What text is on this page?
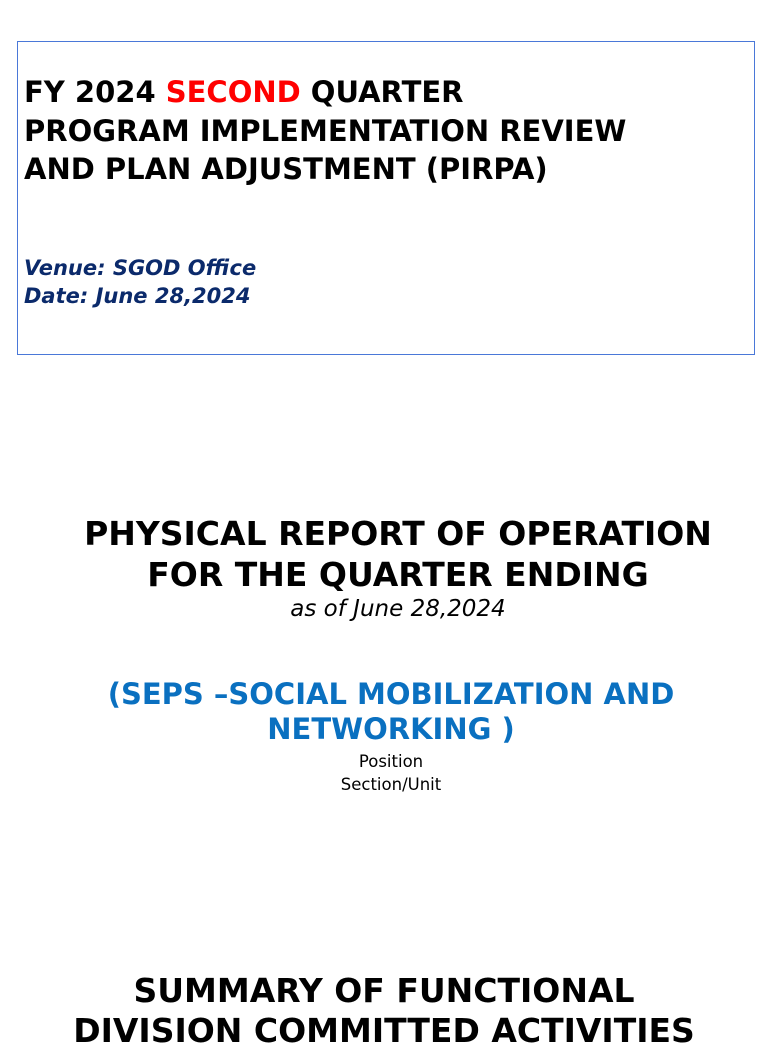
FY 2024 SECOND QUARTER
PROGRAM IMPLEMENTATION REVIEW
AND PLAN ADJUSTMENT (PIRPA)
Venue: SGOD Office
Date: June 28,2024
PHYSICAL REPORT OF OPERATION
FOR THE QUARTER ENDING
as of June 28,2024
(SEPS –SOCIAL MOBILIZATION AND
NETWORKING )
Position
Section/Unit
SUMMARY OF FUNCTIONAL
DIVISION COMMITTED ACTIVITIES
